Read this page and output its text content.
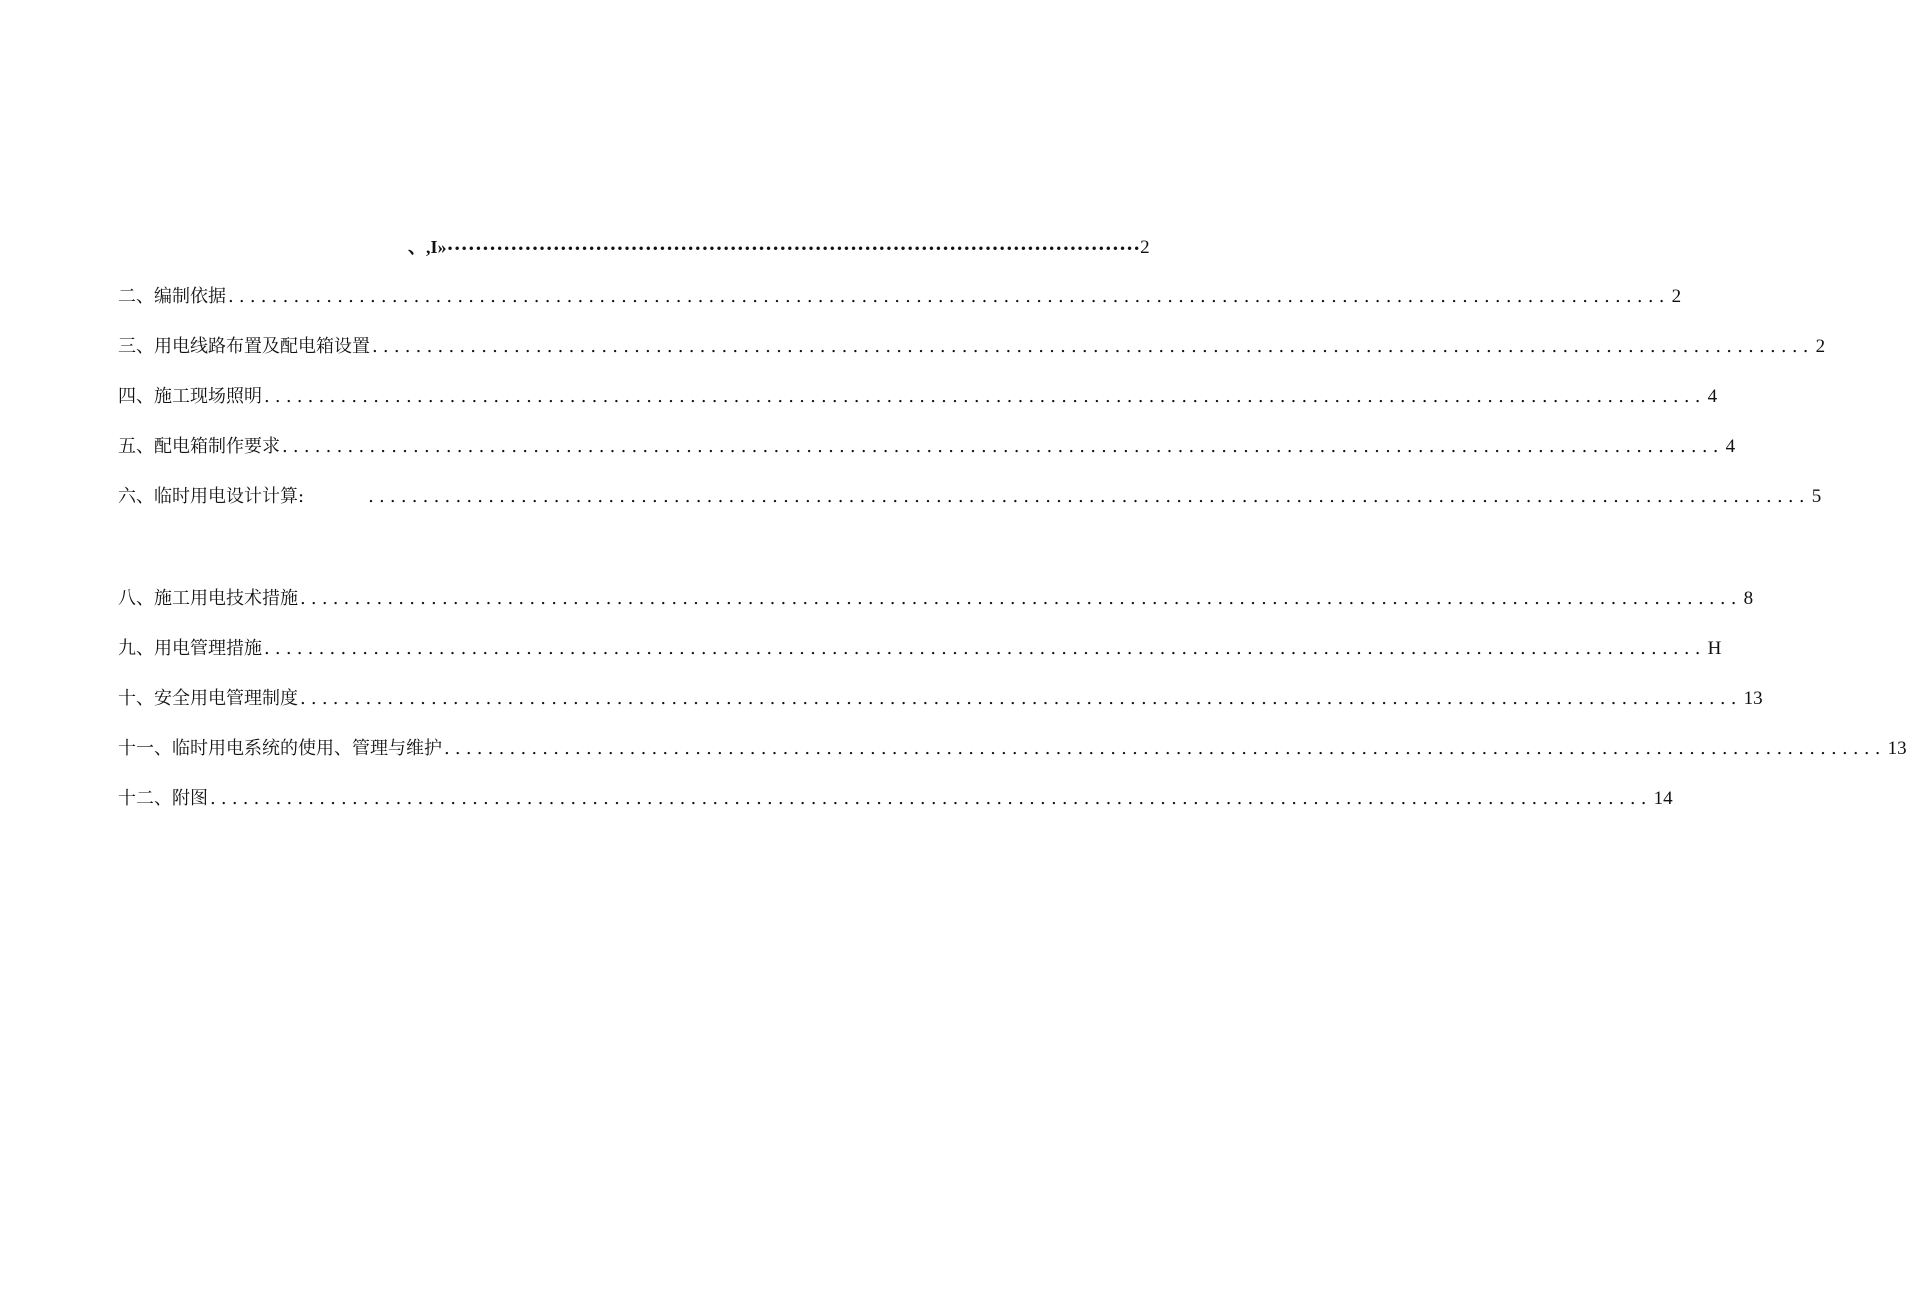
、,I» •••••••••••••••••••••••••••••••••••••••••••••••••••••••••••••••••••••••••••••••••••••••••••••••••• 2
二、编制依据 .................................................................................................................................... 2
三、用电线路布置及配电箱设置 .................................................................................................................................... 2
四、施工现场照明 .................................................................................................................................... 4
五、配电箱制作要求 .................................................................................................................................... 4
六、临时用电设计计算:	.................................................................................................................................... 5
八、施工用电技术措施 .................................................................................................................................... 8
九、用电管理措施 .................................................................................................................................... H
十、安全用电管理制度 .................................................................................................................................... 13
十一、临时用电系统的使用、管理与维护 .................................................................................................................................... 13
十二、附图 .................................................................................................................................... 14
